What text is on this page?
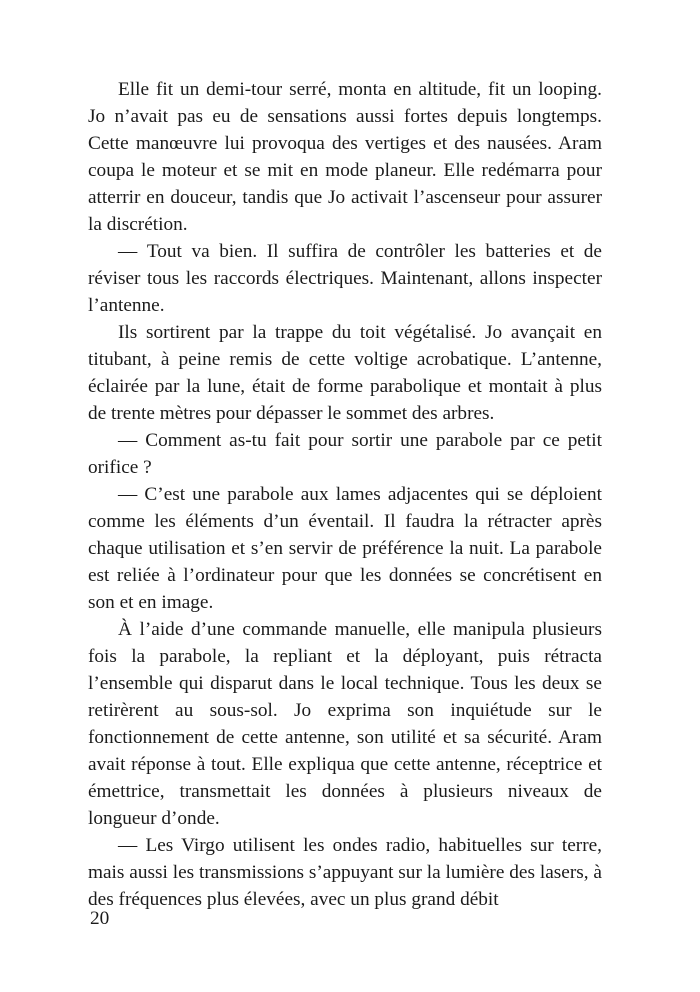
Elle fit un demi-tour serré, monta en altitude, fit un looping. Jo n’avait pas eu de sensations aussi fortes depuis longtemps. Cette manœuvre lui provoqua des vertiges et des nausées. Aram coupa le moteur et se mit en mode planeur. Elle redémarra pour atterrir en douceur, tandis que Jo activait l’ascenseur pour assurer la discrétion.

— Tout va bien. Il suffira de contrôler les batteries et de réviser tous les raccords électriques. Maintenant, allons inspecter l’antenne.

Ils sortirent par la trappe du toit végétalisé. Jo avançait en titubant, à peine remis de cette voltige acrobatique. L’antenne, éclairée par la lune, était de forme parabolique et montait à plus de trente mètres pour dépasser le sommet des arbres.

— Comment as-tu fait pour sortir une parabole par ce petit orifice ?

— C’est une parabole aux lames adjacentes qui se déploient comme les éléments d’un éventail. Il faudra la rétracter après chaque utilisation et s’en servir de préférence la nuit. La parabole est reliée à l’ordinateur pour que les données se concrétisent en son et en image.

À l’aide d’une commande manuelle, elle manipula plusieurs fois la parabole, la repliant et la déployant, puis rétracta l’ensemble qui disparut dans le local technique. Tous les deux se retirèrent au sous-sol. Jo exprima son inquiétude sur le fonctionnement de cette antenne, son utilité et sa sécurité. Aram avait réponse à tout. Elle expliqua que cette antenne, réceptrice et émettrice, transmettait les données à plusieurs niveaux de longueur d’onde.

— Les Virgo utilisent les ondes radio, habituelles sur terre, mais aussi les transmissions s’appuyant sur la lumière des lasers, à des fréquences plus élevées, avec un plus grand débit

20
